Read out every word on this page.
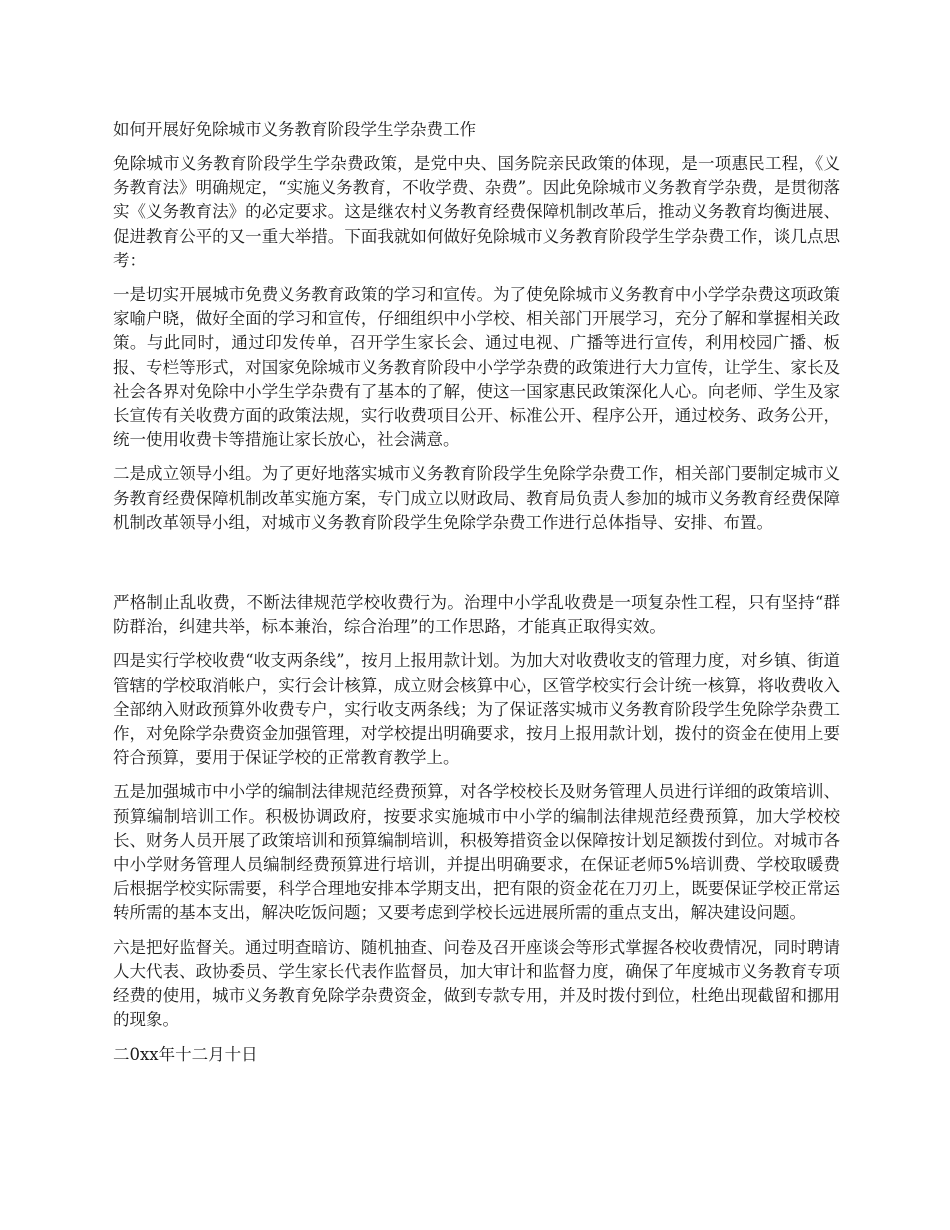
如何开展好免除城市义务教育阶段学生学杂费工作

免除城市义务教育阶段学生学杂费政策，是党中央、国务院亲民政策的体现，是一项惠民工程，《义务教育法》明确规定，“实施义务教育，不收学费、杂费”。因此免除城市义务教育学杂费，是贯彻落实《义务教育法》的必定要求。这是继农村义务教育经费保障机制改革后，推动义务教育均衡进展、促进教育公平的又一重大举措。下面我就如何做好免除城市义务教育阶段学生学杂费工作，谈几点思考：

一是切实开展城市免费义务教育政策的学习和宣传。为了使免除城市义务教育中小学学杂费这项政策家喻户晓，做好全面的学习和宣传，仔细组织中小学校、相关部门开展学习，充分了解和掌握相关政策。与此同时，通过印发传单，召开学生家长会、通过电视、广播等进行宣传，利用校园广播、板报、专栏等形式，对国家免除城市义务教育阶段中小学学杂费的政策进行大力宣传，让学生、家长及社会各界对免除中小学生学杂费有了基本的了解，使这一国家惠民政策深化人心。向老师、学生及家长宣传有关收费方面的政策法规，实行收费项目公开、标准公开、程序公开，通过校务、政务公开，统一使用收费卡等措施让家长放心，社会满意。

二是成立领导小组。为了更好地落实城市义务教育阶段学生免除学杂费工作，相关部门要制定城市义务教育经费保障机制改革实施方案，专门成立以财政局、教育局负责人参加的城市义务教育经费保障机制改革领导小组，对城市义务教育阶段学生免除学杂费工作进行总体指导、安排、布置。

严格制止乱收费，不断法律规范学校收费行为。治理中小学乱收费是一项复杂性工程，只有坚持“群防群治，纠建共举，标本兼治，综合治理”的工作思路，才能真正取得实效。

四是实行学校收费“收支两条线”，按月上报用款计划。为加大对收费收支的管理力度，对乡镇、街道管辖的学校取消帐户，实行会计核算，成立财会核算中心，区管学校实行会计统一核算，将收费收入全部纳入财政预算外收费专户，实行收支两条线；为了保证落实城市义务教育阶段学生免除学杂费工作，对免除学杂费资金加强管理，对学校提出明确要求，按月上报用款计划，拨付的资金在使用上要符合预算，要用于保证学校的正常教育教学上。

五是加强城市中小学的编制法律规范经费预算，对各学校校长及财务管理人员进行详细的政策培训、预算编制培训工作。积极协调政府，按要求实施城市中小学的编制法律规范经费预算，加大学校校长、财务人员开展了政策培训和预算编制培训，积极筹措资金以保障按计划足额拨付到位。对城市各中小学财务管理人员编制经费预算进行培训，并提出明确要求，在保证老师5%培训费、学校取暖费后根据学校实际需要，科学合理地安排本学期支出，把有限的资金花在刀刃上，既要保证学校正常运转所需的基本支出，解决吃饭问题；又要考虑到学校长远进展所需的重点支出，解决建设问题。

六是把好监督关。通过明查暗访、随机抽查、问卷及召开座谈会等形式掌握各校收费情况，同时聘请人大代表、政协委员、学生家长代表作监督员，加大审计和监督力度，确保了年度城市义务教育专项经费的使用，城市义务教育免除学杂费资金，做到专款专用，并及时拨付到位，杜绝出现截留和挪用的现象。

二0xx年十二月十日
